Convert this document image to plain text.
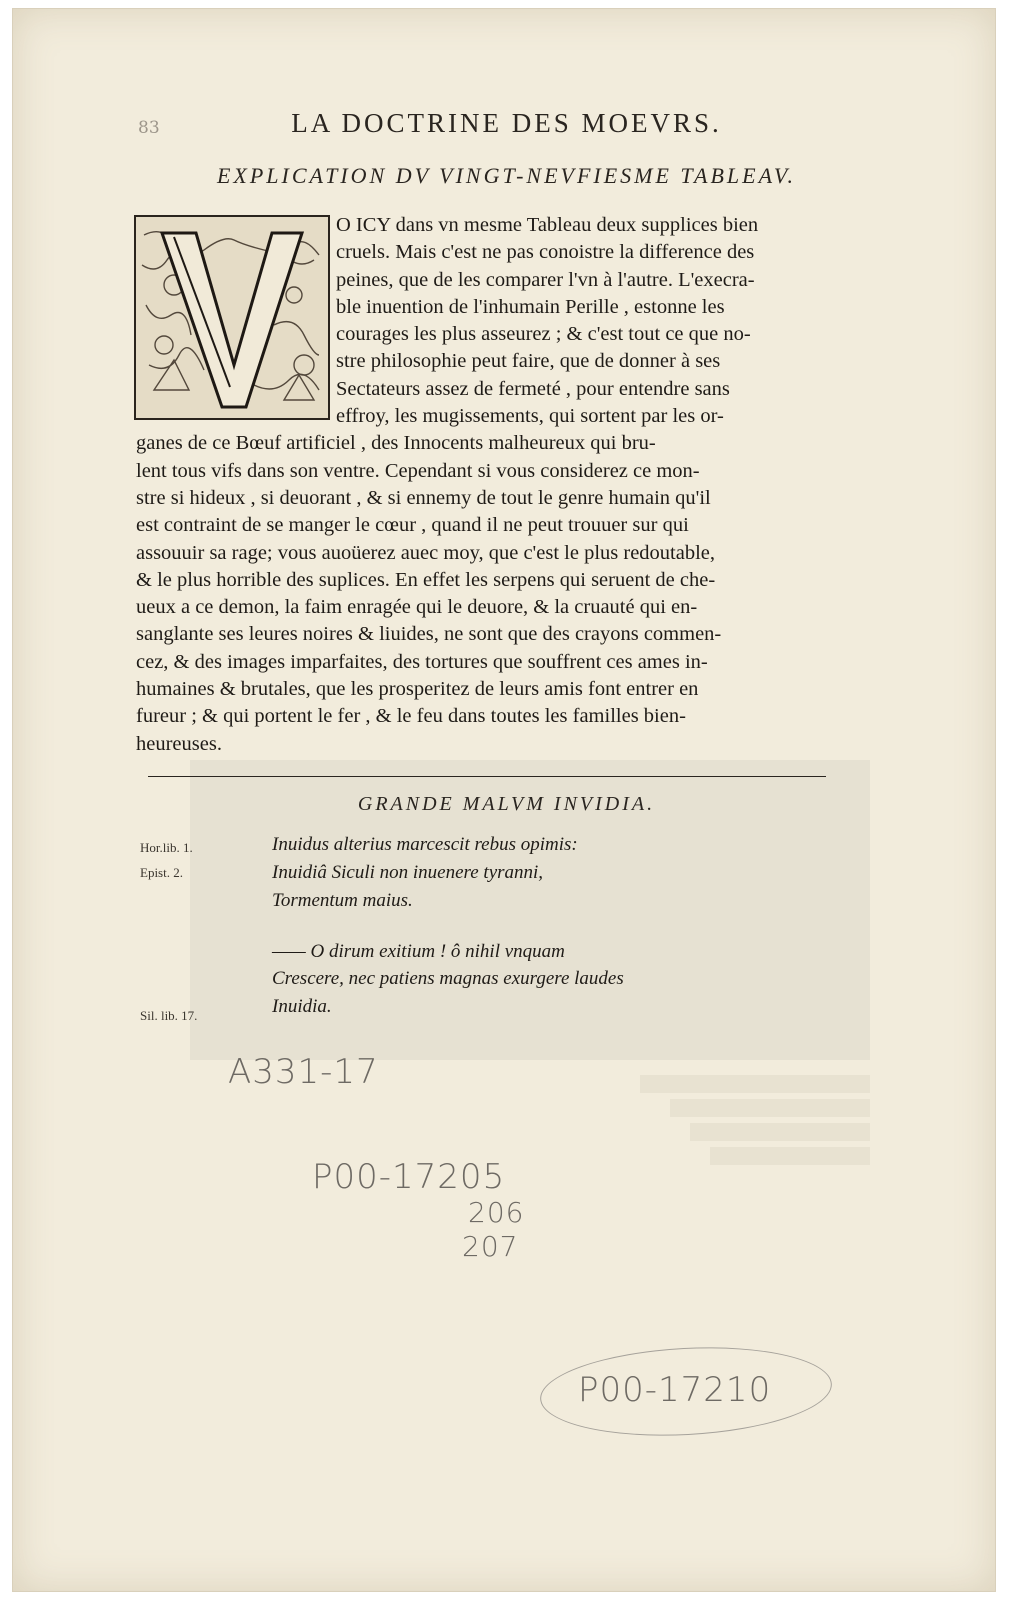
83	LA DOCTRINE DES MOEVRS.
EXPLICATION DV VINGT-NEVFIESME TABLEAV.
O ICY dans vn mesme Tableau deux supplices bien
cruels. Mais c'est ne pas conoistre la difference des
peines, que de les comparer l'vn à l'autre. L'execra-
ble inuention de l'inhumain Perille , estonne les
courages les plus asseurez ; & c'est tout ce que no-
stre philosophie peut faire, que de donner à ses
Sectateurs assez de fermeté , pour entendre sans
effroy, les mugissements, qui sortent par les or-
ganes de ce Bœuf artificiel , des Innocents malheureux qui bru-
lent tous vifs dans son ventre. Cependant si vous considerez ce mon-
stre si hideux , si deuorant , & si ennemy de tout le genre humain qu'il
est contraint de se manger le cœur , quand il ne peut trouuer sur qui
assouuir sa rage; vous auoüerez auec moy, que c'est le plus redoutable,
& le plus horrible des suplices. En effet les serpens qui seruent de che-
ueux a ce demon, la faim enragée qui le deuore, & la cruauté qui en-
sanglante ses leures noires & liuides, ne sont que des crayons commen-
cez, & des images imparfaites, des tortures que souffrent ces ames in-
humaines & brutales, que les prosperitez de leurs amis font entrer en
fureur ; & qui portent le fer , & le feu dans toutes les familles bien-
heureuses.
GRANDE MALVM INVIDIA.
Hor.lib. 1.
Epist. 2.
Sil. lib. 17.
Inuidus alterius marcescit rebus opimis:
Inuidiâ Siculi non inuenere tyranni,
Tormentum maius.
—— O dirum exitium ! ô nihil vnquam
Crescere, nec patiens magnas exurgere laudes
Inuidia.
A331-17
P00-17205
206
207
P00-17210
